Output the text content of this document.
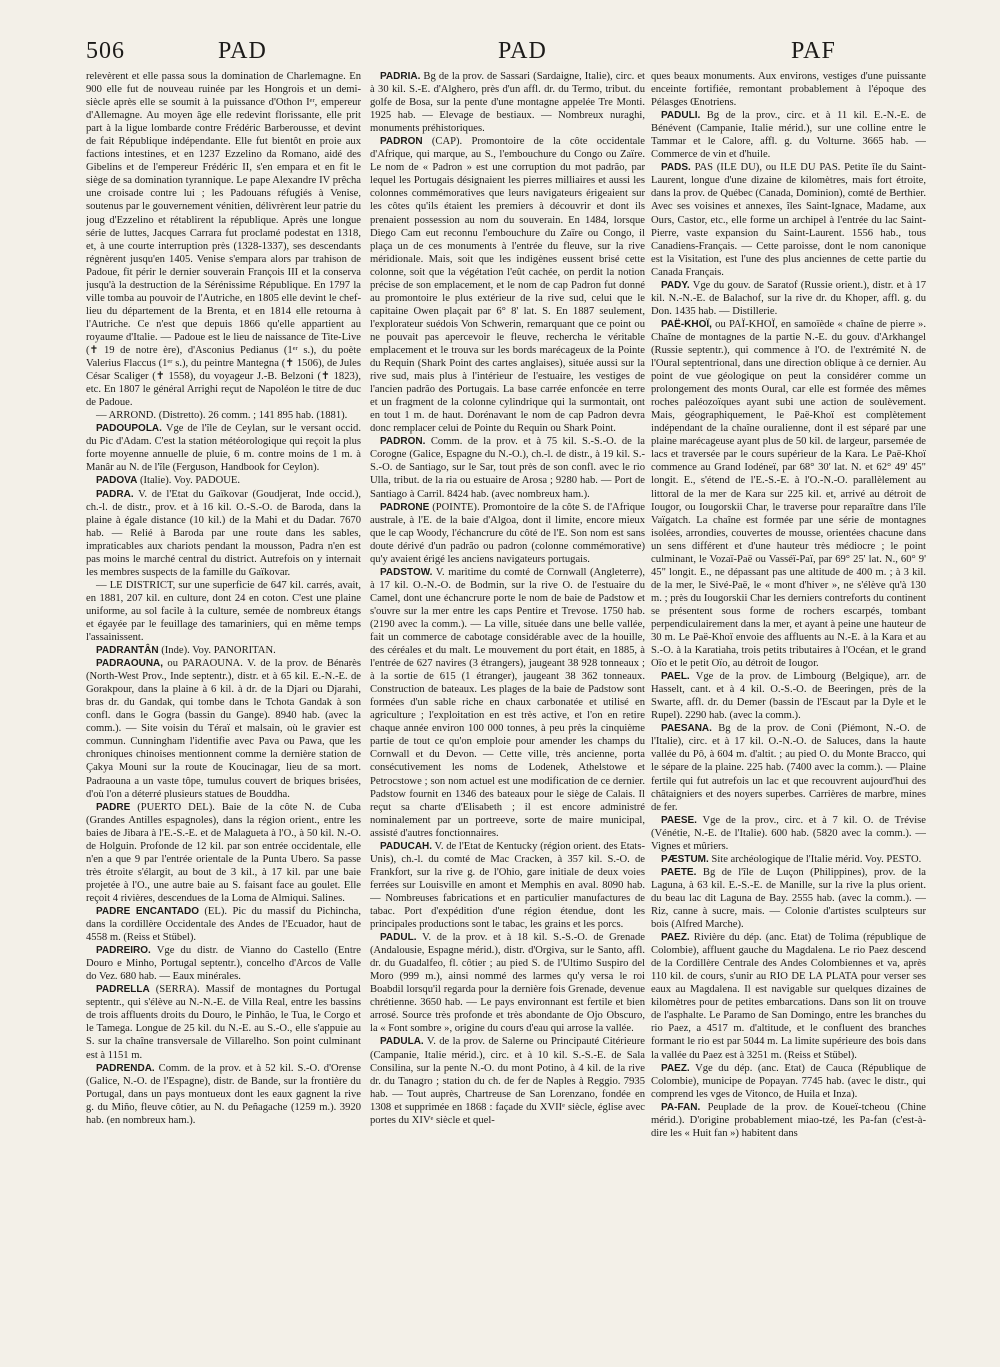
506	PAD	PAD	PAF

relevèrent et elle passa sous la domination de Charlemagne. En 900 elle fut de nouveau ruinée par les Hongrois et un demi-siècle après elle se soumit à la puissance d'Othon Iᵉʳ, empereur d'Allemagne. Au moyen âge elle redevint florissante, elle prit part à la ligue lombarde contre Frédéric Barberousse, et devint de fait République indépendante. Elle fut bientôt en proie aux factions intestines, et en 1237 Ezzelino da Romano, aidé des Gibelins et de l'empereur Frédéric II, s'en empara et en fit le siège de sa domination tyrannique. Le pape Alexandre IV prêcha une croisade contre lui ; les Padouans réfugiés à Venise, soutenus par le gouvernement vénitien, délivrèrent leur patrie du joug d'Ezzelino et rétablirent la république. Après une longue série de luttes, Jacques Carrara fut proclamé podestat en 1318, et, à une courte interruption près (1328-1337), ses descendants régnèrent jusqu'en 1405. Venise s'empara alors par trahison de Padoue, fit périr le dernier souverain François III et la conserva jusqu'à la destruction de la Sérénissime République. En 1797 la ville tomba au pouvoir de l'Autriche, en 1805 elle devint le chef-lieu du département de la Brenta, et en 1814 elle retourna à l'Autriche. Ce n'est que depuis 1866 qu'elle appartient au royaume d'Italie. — Padoue est le lieu de naissance de Tite-Live (✝ 19 de notre ère), d'Asconius Pedianus (1ᵉʳ s.), du poète Valerius Flaccus (1ᵉʳ s.), du peintre Mantegna (✝ 1506), de Jules César Scaliger (✝ 1558), du voyageur J.-B. Belzoni (✝ 1823), etc. En 1807 le général Arrighi reçut de Napoléon le titre de duc de Padoue.

— ARROND. (Distretto). 26 comm. ; 141 895 hab. (1881).

PADOUPOLA. Vge de l'île de Ceylan, sur le versant occid. du Pic d'Adam. C'est la station météorologique qui reçoit la plus forte moyenne annuelle de pluie, 6 m. contre moins de 1 m. à Manâr au N. de l'île (Ferguson, Handbook for Ceylon).

PADOVA (Italie). Voy. PADOUE.

PADRA. V. de l'Etat du Gaïkovar (Goudjerat, Inde occid.), ch.-l. de distr., prov. et à 16 kil. O.-S.-O. de Baroda, dans la plaine à égale distance (10 kil.) de la Mahi et du Dadar. 7670 hab. — Relié à Baroda par une route dans les sables, impraticables aux chariots pendant la mousson, Padra n'en est pas moins le marché central du district. Autrefois on y internait les membres suspects de la famille du Gaïkovar.

— LE DISTRICT, sur une superficie de 647 kil. carrés, avait, en 1881, 207 kil. en culture, dont 24 en coton. C'est une plaine uniforme, au sol facile à la culture, semée de nombreux étangs et égayée par le feuillage des tamariniers, qui en même temps l'assainissent.

PADRANTÂN (Inde). Voy. PANORITAN.

PADRAOUNA, ou PARAOUNA. V. de la prov. de Bénarès (North-West Prov., Inde septentr.), distr. et à 65 kil. E.-N.-E. de Gorakpour, dans la plaine à 6 kil. à dr. de la Djari ou Djarahi, bras dr. du Gandak, qui tombe dans le Tchota Gandak à son confl. dans le Gogra (bassin du Gange). 8940 hab. (avec la comm.). — Site voisin du Téraï et malsain, où le gravier est commun. Cunningham l'identifie avec Pava ou Pawa, que les chroniques chinoises mentionnent comme la dernière station de Çakya Mouni sur la route de Koucinagar, lieu de sa mort. Padraouna a un vaste tôpe, tumulus couvert de briques brisées, d'où l'on a déterré plusieurs statues de Bouddha.

PADRE (PUERTO DEL). Baie de la côte N. de Cuba (Grandes Antilles espagnoles), dans la région orient., entre les baies de Jibara à l'E.-S.-E. et de Malagueta à l'O., à 50 kil. N.-O. de Holguin. Profonde de 12 kil. par son entrée occidentale, elle n'en a que 9 par l'entrée orientale de la Punta Ubero. Sa passe très étroite s'élargit, au bout de 3 kil., à 17 kil. par une baie projetée à l'O., une autre baie au S. faisant face au goulet. Elle reçoit 4 rivières, descendues de la Loma de Almiqui. Salines.

PADRE ENCANTADO (EL). Pic du massif du Pichincha, dans la cordillère Occidentale des Andes de l'Ecuador, haut de 4558 m. (Reiss et Stübel).

PADREIRO. Vge du distr. de Vianno do Castello (Entre Douro e Minho, Portugal septentr.), concelho d'Arcos de Valle do Vez. 680 hab. — Eaux minérales.

PADRELLA (SERRA). Massif de montagnes du Portugal septentr., qui s'élève au N.-N.-E. de Villa Real, entre les bassins de trois affluents droits du Douro, le Pinhão, le Tua, le Corgo et le Tamega. Longue de 25 kil. du N.-E. au S.-O., elle s'appuie au S. sur la chaîne transversale de Villarelho. Son point culminant est à 1151 m.

PADRENDA. Comm. de la prov. et à 52 kil. S.-O. d'Orense (Galice, N.-O. de l'Espagne), distr. de Bande, sur la frontière du Portugal, dans un pays montueux dont les eaux gagnent la rive g. du Miño, fleuve côtier, au N. du Peñagache (1259 m.). 3920 hab. (en nombreux ham.).

PADRIA. Bg de la prov. de Sassari (Sardaigne, Italie), circ. et à 30 kil. S.-E. d'Alghero, près d'un affl. dr. du Termo, tribut. du golfe de Bosa, sur la pente d'une montagne appelée Tre Monti. 1925 hab. — Elevage de bestiaux. — Nombreux nuraghi, monuments préhistoriques.

PADRON (CAP). Promontoire de la côte occidentale d'Afrique, qui marque, au S., l'embouchure du Congo ou Zaïre. Le nom de « Padron » est une corruption du mot padrão, par lequel les Portugais désignaient les pierres milliaires et aussi les colonnes commémoratives que leurs navigateurs érigeaient sur les côtes qu'ils étaient les premiers à découvrir et dont ils prenaient possession au nom du souverain. En 1484, lorsque Diego Cam eut reconnu l'embouchure du Zaïre ou Congo, il plaça un de ces monuments à l'entrée du fleuve, sur la rive méridionale. Mais, soit que les indigènes eussent brisé cette colonne, soit que la végétation l'eût cachée, on perdit la notion précise de son emplacement, et le nom de cap Padron fut donné au promontoire le plus extérieur de la rive sud, celui que le capitaine Owen plaçait par 6° 8' lat. S. En 1887 seulement, l'explorateur suédois Von Schwerin, remarquant que ce point ou ne pouvait pas apercevoir le fleuve, rechercha le véritable emplacement et le trouva sur les bords marécageux de la Pointe du Requin (Shark Point des cartes anglaises), située aussi sur la rive sud, mais plus à l'intérieur de l'estuaire, les vestiges de l'ancien padrão des Portugais. La base carrée enfoncée en terre et un fragment de la colonne cylindrique qui la surmontait, ont en tout 1 m. de haut. Dorénavant le nom de cap Padron devra donc remplacer celui de Pointe du Requin ou Shark Point.

PADRON. Comm. de la prov. et à 75 kil. S.-S.-O. de la Corogne (Galice, Espagne du N.-O.), ch.-l. de distr., à 19 kil. S.-S.-O. de Santiago, sur le Sar, tout près de son confl. avec le rio Ulla, tribut. de la ria ou estuaire de Arosa ; 9280 hab. — Port de Santiago à Carril. 8424 hab. (avec nombreux ham.).

PADRONE (POINTE). Promontoire de la côte S. de l'Afrique australe, à l'E. de la baie d'Algoa, dont il limite, encore mieux que le cap Woody, l'échancrure du côté de l'E. Son nom est sans doute dérivé d'un padrão ou padron (colonne commémorative) qu'y avaient érigé les anciens navigateurs portugais.

PADSTOW. V. maritime du comté de Cornwall (Angleterre), à 17 kil. O.-N.-O. de Bodmin, sur la rive O. de l'estuaire du Camel, dont une échancrure porte le nom de baie de Padstow et s'ouvre sur la mer entre les caps Pentire et Trevose. 1750 hab. (2190 avec la comm.). — La ville, située dans une belle vallée, fait un commerce de cabotage considérable avec de la houille, des céréales et du malt. Le mouvement du port était, en 1885, à l'entrée de 627 navires (3 étrangers), jaugeant 38 928 tonneaux ; à la sortie de 615 (1 étranger), jaugeant 38 362 tonneaux. Construction de bateaux. Les plages de la baie de Padstow sont formées d'un sable riche en chaux carbonatée et utilisé en agriculture ; l'exploitation en est très active, et l'on en retire chaque année environ 100 000 tonnes, à peu près la cinquième partie de tout ce qu'on emploie pour amender les champs du Cornwall et du Devon. — Cette ville, très ancienne, porta consécutivement les noms de Lodenek, Athelstowe et Petrocstowe ; son nom actuel est une modification de ce dernier. Padstow fournit en 1346 des bateaux pour le siège de Calais. Il reçut sa charte d'Elisabeth ; il est encore administré nominalement par un portreeve, sorte de maire municipal, assisté d'autres fonctionnaires.

PADUCAH. V. de l'Etat de Kentucky (région orient. des Etats-Unis), ch.-l. du comté de Mac Cracken, à 357 kil. S.-O. de Frankfort, sur la rive g. de l'Ohio, gare initiale de deux voies ferrées sur Louisville en amont et Memphis en aval. 8090 hab. — Nombreuses fabrications et en particulier manufactures de tabac. Port d'expédition d'une région étendue, dont les principales productions sont le tabac, les grains et les porcs.

PADUL. V. de la prov. et à 18 kil. S.-S.-O. de Grenade (Andalousie, Espagne mérid.), distr. d'Orgiva, sur le Santo, affl. dr. du Guadalfeo, fl. côtier ; au pied S. de l'Ultimo Suspiro del Moro (999 m.), ainsi nommé des larmes qu'y versa le roi Boabdil lorsqu'il regarda pour la dernière fois Grenade, devenue chrétienne. 3650 hab. — Le pays environnant est fertile et bien arrosé. Source très profonde et très abondante de Ojo Obscuro, la « Font sombre », origine du cours d'eau qui arrose la vallée.

PADULA. V. de la prov. de Salerne ou Principauté Citérieure (Campanie, Italie mérid.), circ. et à 10 kil. S.-S.-E. de Sala Consilina, sur la pente N.-O. du mont Potino, à 4 kil. de la rive dr. du Tanagro ; station du ch. de fer de Naples à Reggio. 7935 hab. — Tout auprès, Chartreuse de San Lorenzano, fondée en 1308 et supprimée en 1868 : façade du XVIIᵉ siècle, église avec portes du XIVᵉ siècle et quel-

ques beaux monuments. Aux environs, vestiges d'une puissante enceinte fortifiée, remontant probablement à l'époque des Pélasges Œnotriens.

PADULI. Bg de la prov., circ. et à 11 kil. E.-N.-E. de Bénévent (Campanie, Italie mérid.), sur une colline entre le Tammar et le Calore, affl. g. du Volturne. 3665 hab. — Commerce de vin et d'huile.

PADS. PAS (ILE DU), ou ILE DU PAS. Petite île du Saint-Laurent, longue d'une dizaine de kilomètres, mais fort étroite, dans la prov. de Québec (Canada, Dominion), comté de Berthier. Avec ses voisines et annexes, îles Saint-Ignace, Madame, aux Ours, Castor, etc., elle forme un archipel à l'entrée du lac Saint-Pierre, vaste expansion du Saint-Laurent. 1556 hab., tous Canadiens-Français. — Cette paroisse, dont le nom canonique est la Visitation, est l'une des plus anciennes de cette partie du Canada Français.

PADY. Vge du gouv. de Saratof (Russie orient.), distr. et à 17 kil. N.-N.-E. de Balachof, sur la rive dr. du Khoper, affl. g. du Don. 1435 hab. — Distillerie.

PAË-KHOÏ, ou PAÏ-KHOÏ, en samoïède « chaîne de pierre ». Chaîne de montagnes de la partie N.-E. du gouv. d'Arkhangel (Russie septentr.), qui commence à l'O. de l'extrémité N. de l'Oural septentrional, dans une direction oblique à ce dernier. Au point de vue géologique on peut la considérer comme un prolongement des monts Oural, car elle est formée des mêmes roches paléozoïques ayant subi une action de soulèvement. Mais, géographiquement, le Paë-Khoï est complètement indépendant de la chaîne ouralienne, dont il est séparé par une plaine marécageuse ayant plus de 50 kil. de largeur, parsemée de lacs et traversée par le cours supérieur de la Kara. Le Paë-Khoï commence au Grand Iodéneï, par 68° 30' lat. N. et 62° 49' 45" longit. E., s'étend de l'E.-S.-E. à l'O.-N.-O. parallèlement au littoral de la mer de Kara sur 225 kil. et, arrivé au détroit de Iougor, ou Iougorskii Char, le traverse pour reparaître dans l'île Vaïgatch. La chaîne est formée par une série de montagnes isolées, arrondies, couvertes de mousse, orientées chacune dans un sens différent et d'une hauteur très médiocre ; le point culminant, le Vozaï-Paë ou Vasséï-Paï, par 69° 25' lat. N., 60° 9' 45" longit. E., ne dépassant pas une altitude de 400 m. ; à 3 kil. de la mer, le Sivé-Paë, le « mont d'hiver », ne s'élève qu'à 130 m. ; près du Iougorskii Char les derniers contreforts du continent se présentent sous forme de rochers escarpés, tombant perpendiculairement dans la mer, et ayant à peine une hauteur de 30 m. Le Paë-Khoï envoie des affluents au N.-E. à la Kara et au S.-O. à la Karatiaha, trois petits tributaires à l'Océan, et le grand Oïo et le petit Oïo, au détroit de Iougor.

PAEL. Vge de la prov. de Limbourg (Belgique), arr. de Hasselt, cant. et à 4 kil. O.-S.-O. de Beeringen, près de la Swarte, affl. dr. du Demer (bassin de l'Escaut par la Dyle et le Rupel). 2290 hab. (avec la comm.).

PAESANA. Bg de la prov. de Coni (Piémont, N.-O. de l'Italie), circ. et à 17 kil. O.-N.-O. de Saluces, dans la haute vallée du Pô, à 604 m. d'altit. ; au pied O. du Monte Bracco, qui le sépare de la plaine. 225 hab. (7400 avec la comm.). — Plaine fertile qui fut autrefois un lac et que recouvrent aujourd'hui des châtaigniers et des noyers superbes. Carrières de marbre, mines de fer.

PAESE. Vge de la prov., circ. et à 7 kil. O. de Trévise (Vénétie, N.-E. de l'Italie). 600 hab. (5820 avec la comm.). — Vignes et mûriers.

PÆSTUM. Site archéologique de l'Italie mérid. Voy. PESTO.

PAETE. Bg de l'île de Luçon (Philippines), prov. de la Laguna, à 63 kil. E.-S.-E. de Manille, sur la rive la plus orient. du beau lac dit Laguna de Bay. 2555 hab. (avec la comm.). — Riz, canne à sucre, mais. — Colonie d'artistes sculpteurs sur bois (Alfred Marche).

PAEZ. Rivière du dép. (anc. Etat) de Tolima (république de Colombie), affluent gauche du Magdalena. Le rio Paez descend de la Cordillère Centrale des Andes Colombiennes et va, après 110 kil. de cours, s'unir au RIO DE LA PLATA pour verser ses eaux au Magdalena. Il est navigable sur quelques dizaines de kilomètres pour de petites embarcations. Dans son lit on trouve de l'asphalte. Le Paramo de San Domingo, entre les branches du rio Paez, a 4517 m. d'altitude, et le confluent des branches formant le rio est par 5044 m. La limite supérieure des bois dans la vallée du Paez est à 3251 m. (Reiss et Stübel).

PAEZ. Vge du dép. (anc. Etat) de Cauca (République de Colombie), municipe de Popayan. 7745 hab. (avec le distr., qui comprend les vges de Vitonco, de Huila et Inza).

PA-FAN. Peuplade de la prov. de Koueï-tcheou (Chine mérid.). D'origine probablement miao-tzé, les Pa-fan (c'est-à-dire les « Huit fan ») habitent dans
